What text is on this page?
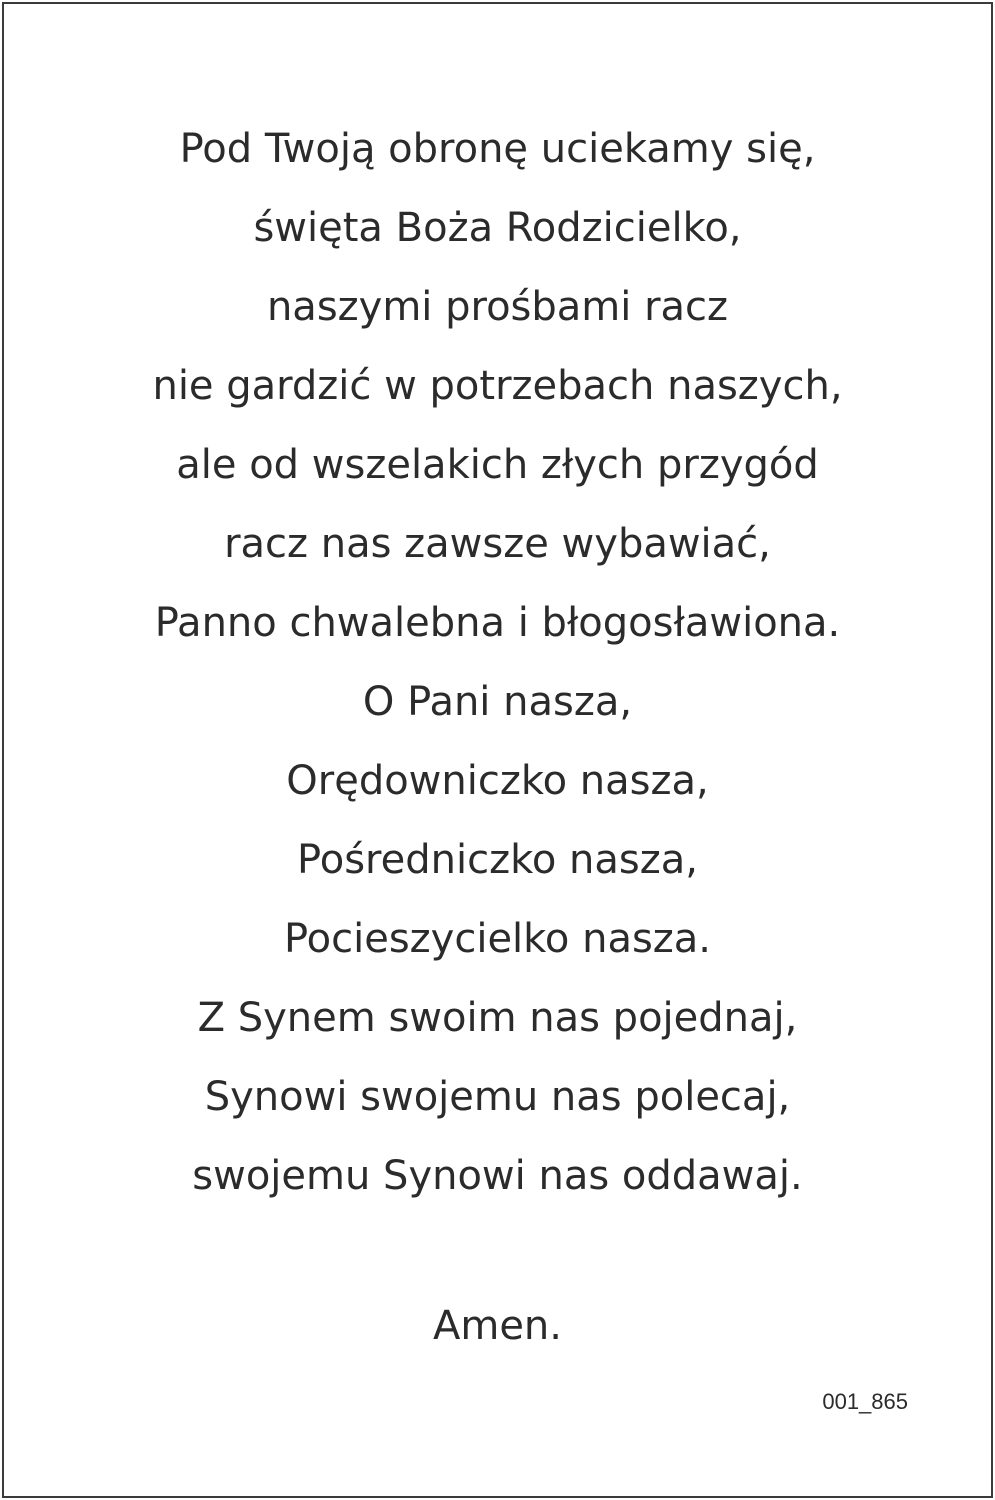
Pod Twoją obronę uciekamy się,
święta Boża Rodzicielko,
naszymi prośbami racz
nie gardzić w potrzebach naszych,
ale od wszelakich złych przygód
racz nas zawsze wybawiać,
Panno chwalebna i błogosławiona.
O Pani nasza,
Orędowniczko nasza,
Pośredniczko nasza,
Pocieszycielko nasza.
Z Synem swoim nas pojednaj,
Synowi swojemu nas polecaj,
swojemu Synowi nas oddawaj.
Amen.
001_865
